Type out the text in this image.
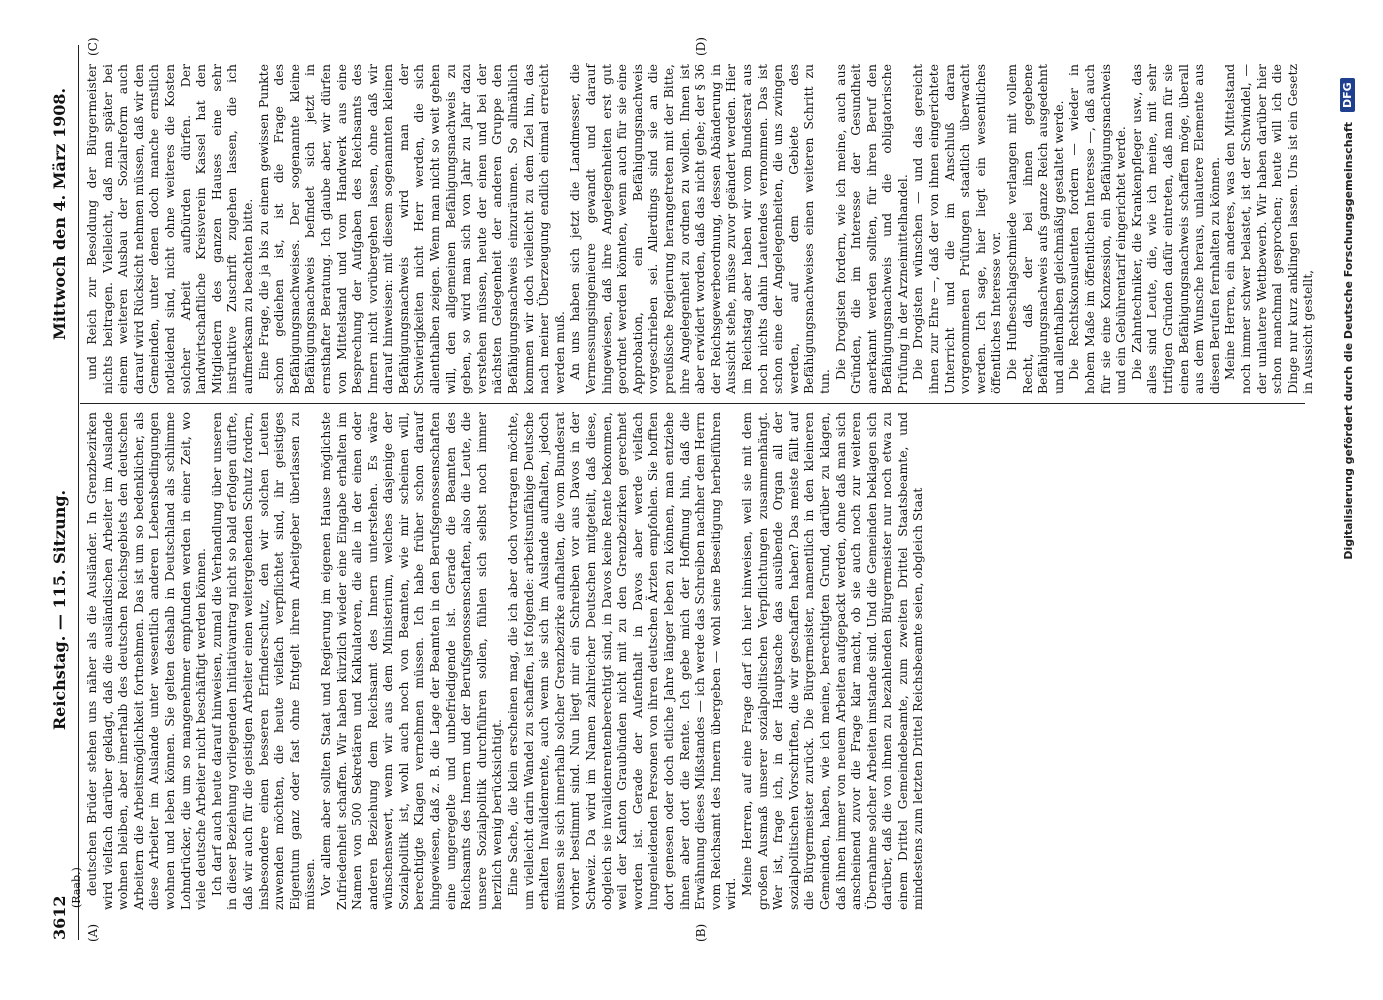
3612
Reichstag. — 115. Sitzung.
Mittwoch den 4. März 1908.
(A)
(Raab.)
(B)
(C)	(D)

deutschen Brüder stehen uns näher als die Ausländer. In Grenzbezirken wird vielfach darüber geklagt, daß die ausländischen Arbeiter im Auslande wohnen bleiben, aber innerhalb des deutschen Reichsgebiets den deutschen Arbeitern die Arbeitsmöglichkeit fortnehmen. Das ist um so bedenklicher, als diese Arbeiter im Auslande unter wesentlich anderen Lebensbedingungen wohnen und leben können. Sie gelten deshalb in Deutschland als schlimme Lohndrücker, die um so mangenehmer empfunden werden in einer Zeit, wo viele deutsche Arbeiter nicht beschäftigt werden können. Ich darf auch heute darauf hinweisen, zumal die Verhandlung über unseren in dieser Beziehung vorliegenden Initiativantrag nicht so bald erfolgen dürfte, daß wir auch für die geistigen Arbeiter einen weitergehenden Schutz fordern, insbesondere einen besseren Erfinderschutz, den wir solchen Leuten zuwenden möchten, die heute vielfach verpflichtet sind, ihr geistiges Eigentum ganz oder fast ohne Entgelt ihrem Arbeitgeber überlassen zu müssen. Vor allem aber sollten Staat und Regierung im eigenen Hause möglichste Zufriedenheit schaffen. Wir haben kürzlich wieder eine Eingabe erhalten im Namen von 500 Sekretären und Kalkulatoren, die alle in der einen oder anderen Beziehung dem Reichsamt des Innern unterstehen. Es wäre wünschenswert, wenn wir aus dem Ministerium, welches dasjenige der Sozialpolitik ist, wohl auch noch von Beamten, wie mir scheinen will, berechtigte Klagen vernehmen müssen. Ich habe früher schon darauf hingewiesen, daß z. B. die Lage der Beamten in den Berufsgenossenschaften eine ungeregelte und unbefriedigende ist. Gerade die Beamten des Reichsamts des Innern und der Berufsgenossenschaften, also die Leute, die unsere Sozialpolitik durchführen sollen, fühlen sich selbst noch immer herzlich wenig berücksichtigt. Eine Sache, die klein erscheinen mag, die ich aber doch vortragen möchte, um vielleicht darin Wandel zu schaffen, ist folgende: arbeitsunfähige Deutsche erhalten Invalidenrente, auch wenn sie sich im Auslande aufhalten, jedoch müssen sie sich innerhalb solcher Grenzbezirke aufhalten, die vom Bundesrat vorher bestimmt sind. Nun liegt mir ein Schreiben vor aus Davos in der Schweiz. Da wird im Namen zahlreicher Deutschen mitgeteilt, daß diese, obgleich sie invalidenrentenberechtigt sind, in Davos keine Rente bekommen, weil der Kanton Graubünden nicht mit zu den Grenzbezirken gerechnet worden ist. Gerade der Aufenthalt in Davos aber werde vielfach lungenleidenden Personen von ihren deutschen Ärzten empfohlen. Sie hofften dort genesen oder doch etliche Jahre länger leben zu können, man entziehe ihnen aber dort die Rente. Ich gebe mich der Hoffnung hin, daß die Erwähnung dieses Mißstandes — ich werde das Schreiben nachher dem Herrn vom Reichsamt des Innern übergeben — wohl seine Beseitigung herbeiführen wird. Meine Herren, auf eine Frage darf ich hier hinweisen, weil sie mit dem großen Ausmaß unserer sozialpolitischen Verpflichtungen zusammenhängt. Wer ist, frage ich, in der Hauptsache das ausübende Organ all der sozialpolitischen Vorschriften, die wir geschaffen haben? Das meiste fällt auf die Bürgermeister zurück. Die Bürgermeister, namentlich in den kleineren Gemeinden, haben, wie ich meine, berechtigten Grund, darüber zu klagen, daß ihnen immer von neuem Arbeiten aufgepackt werden, ohne daß man sich anscheinend zuvor die Frage klar macht, ob sie auch noch zur weiteren Übernahme solcher Arbeiten imstande sind. Und die Gemeinden beklagen sich darüber, daß die von ihnen zu bezahlenden Bürgermeister nur noch etwa zu einem Drittel Gemeindebeamte, zum zweiten Drittel Staatsbeamte, und mindestens zum letzten Drittel Reichsbeamte seien, obgleich Staat

und Reich zur Besoldung der Bürgermeister nichts beitragen. Vielleicht, daß man später bei einem weiteren Ausbau der Sozialreform auch darauf wird Rücksicht nehmen müssen, daß wir den Gemeinden, unter denen doch manche ernstlich notleidend sind, nicht ohne weiteres die Kosten solcher Arbeit aufbürden dürfen. Der landwirtschaftliche Kreisverein Kassel hat den Mitgliedern des ganzen Hauses eine sehr instruktive Zuschrift zugehen lassen, die ich aufmerksam zu beachten bitte. Eine Frage, die ja bis zu einem gewissen Punkte schon gediehen ist, ist die Frage des Befähigungsnachweises. Der sogenannte kleine Befähigungsnachweis befindet sich jetzt in ernsthafter Beratung. Ich glaube aber, wir dürfen von Mittelstand und vom Handwerk aus eine Besprechung der Aufgaben des Reichsamts des Innern nicht vorübergehen lassen, ohne daß wir darauf hinweisen: mit diesem sogenannten kleinen Befähigungsnachweis wird man der Schwierigkeiten nicht Herr werden, die sich allenthalben zeigen. Wenn man nicht so weit gehen will, den allgemeinen Befähigungsnachweis zu geben, so wird man sich von Jahr zu Jahr dazu verstehen müssen, heute der einen und bei der nächsten Gelegenheit der anderen Gruppe den Befähigungsnachweis einzuräumen. So allmählich kommen wir doch vielleicht zu dem Ziel hin, das nach meiner Überzeugung endlich einmal erreicht werden muß. An uns haben sich jetzt die Landmesser, die Vermessungsingenieure gewandt und darauf hingewiesen, daß ihre Angelegenheiten erst gut geordnet werden könnten, wenn auch für sie eine Approbation, ein Befähigungsnachweis vorgeschrieben sei. Allerdings sind sie an die preußische Regierung herangetreten mit der Bitte, ihre Angelegenheit zu ordnen zu wollen. Ihnen ist aber erwidert worden, daß das nicht gehe; der § 36 der Reichsgewerbeordnung, dessen Abänderung in Aussicht stehe, müsse zuvor geändert werden. Hier im Reichstag aber haben wir vom Bundesrat aus noch nichts dahin Lautendes vernommen. Das ist schon eine der Angelegenheiten, die uns zwingen werden, auf dem Gebiete des Befähigungsnachweises einen weiteren Schritt zu tun.

Die Drogisten fordern, wie ich meine, auch aus Gründen, die im Interesse der Gesundheit anerkannt werden sollten, für ihren Beruf den Befähigungsnachweis und die obligatorische Prüfung in der Arzneimittelhandel. Die Drogisten wünschen — und das gereicht ihnen zur Ehre —, daß der von ihnen eingerichtete Unterricht und die im Anschluß daran vorgenommenen Prüfungen staatlich überwacht werden. Ich sage, hier liegt ein wesentliches öffentliches Interesse vor. Die Hufbeschlagschmiede verlangen mit vollem Recht, daß der bei ihnen gegebene Befähigungsnachweis aufs ganze Reich ausgedehnt und allenthalben gleichmäßig gestaltet werde. Die Rechtskonsulenten fordern — wieder in hohem Maße im öffentlichen Interesse —, daß auch für sie eine Konzession, ein Befähigungsnachweis und ein Gebührentarif eingerichtet werde. Die Zahntechniker, die Krankenpfleger usw., das alles sind Leute, die, wie ich meine, mit sehr triftigen Gründen dafür eintreten, daß man für sie einen Befähigungsnachweis schaffen möge, überall aus dem Wunsche heraus, unlautere Elemente aus diesen Berufen fernhalten zu können. Meine Herren, ein anderes, was den Mittelstand noch immer schwer belastet, ist der Schwindel, — der unlautere Wettbewerb. Wir haben darüber hier schon manchmal gesprochen; heute will ich die Dinge nur kurz anklingen lassen. Uns ist ein Gesetz in Aussicht gestellt, Digitalisierung gefördert durch die Deutsche Forschungsgemeinschaft
DFG
